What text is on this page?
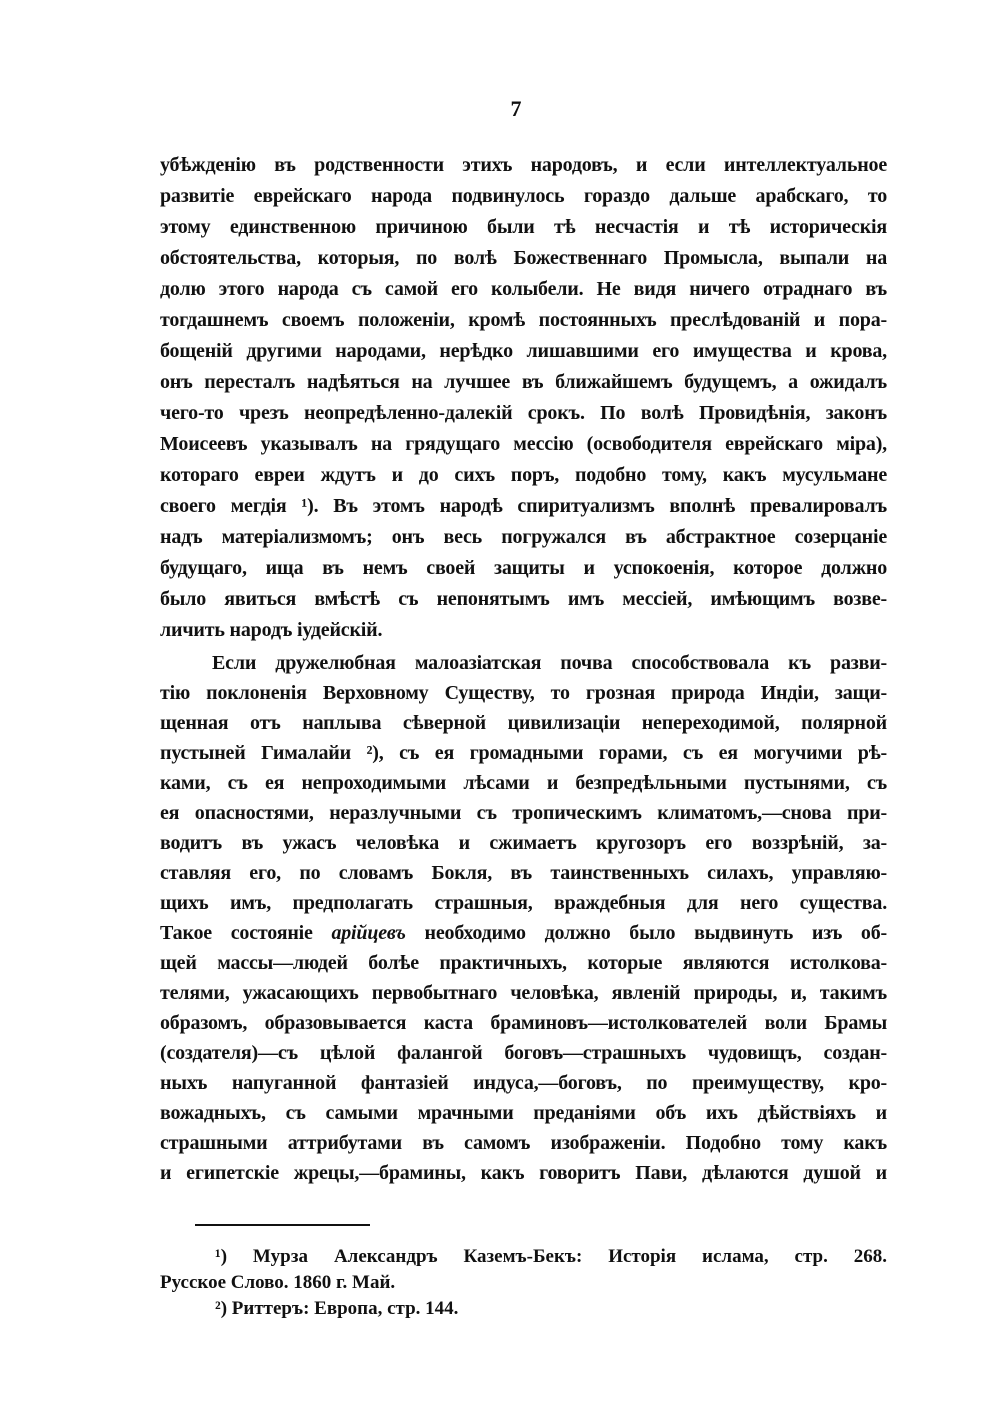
7
убѣжденiю въ родственности этихъ народовъ, и если интеллектуальное
развитiе еврейскаго народа подвинулось гораздо дальше арабскаго, то
этому единственною причиною были тѣ несчастiя и тѣ историческiя
обстоятельства, которыя, по волѣ Божественнаго Промысла, выпали на
долю этого народа съ самой его колыбели. Не видя ничего отраднаго въ
тогдашнемъ своемъ положенiи, кромѣ постоянныхъ преслѣдованiй и пора-
бощенiй другими народами, нерѣдко лишавшими его имущества и крова,
онъ пересталъ надѣяться на лучшее въ ближайшемъ будущемъ, а ожидалъ
чего-то чрезъ неопредѣленно-далекiй срокъ. По волѣ Провидѣнiя, законъ
Моисеевъ указывалъ на грядущаго мессiю (освободителя еврейскаго мiра),
котораго евреи ждутъ и до сихъ поръ, подобно тому, какъ мусульмане
своего мегдiя ¹). Въ этомъ народѣ спиритуализмъ вполнѣ превалировалъ
надъ матерiализмомъ; онъ весь погружался въ абстрактное созерцанiе
будущаго, ища въ немъ своей защиты и успокоенiя, которое должно
было явиться вмѣстѣ съ непонятымъ имъ мессiей, имѣющимъ возве-
личить народъ iудейскiй.
Если дружелюбная малоазiатская почва способствовала къ разви-
тiю поклоненiя Верховному Существу, то грозная природа Индiи, защи-
щенная отъ наплыва сѣверной цивилизацiи непереходимой, полярной
пустыней Гималайи ²), съ ея громадными горами, съ ея могучими рѣ-
ками, съ ея непроходимыми лѣсами и безпредѣльными пустынями, съ
ея опасностями, неразлучными съ тропическимъ климатомъ,—снова при-
водитъ въ ужасъ человѣка и сжимаетъ кругозоръ его воззрѣнiй, за-
ставляя его, по словамъ Бокля, въ таинственныхъ силахъ, управляю-
щихъ имъ, предполагать страшныя, враждебныя для него существа.
Такое состоянiе арiйцевъ необходимо должно было выдвинуть изъ об-
щей массы—людей болѣе практичныхъ, которые являются истолкова-
телями, ужасающихъ первобытнаго человѣка, явленiй природы, и, такимъ
образомъ, образовывается каста браминовъ—истолкователей воли Брамы
(создателя)—съ цѣлой фалангой боговъ—страшныхъ чудовищъ, создан-
ныхъ напуганной фантазiей индуса,—боговъ, по преимуществу, кро-
вожадныхъ, съ самыми мрачными преданiями объ ихъ дѣйствiяхъ и
страшными аттрибутами въ самомъ изображенiи. Подобно тому какъ
и египетскiе жрецы,—брамины, какъ говоритъ Пави, дѣлаются душой и
¹) Мурза Александръ Каземъ-Бекъ: Исторiя ислама, стр. 268.
Русское Слово. 1860 г. Май.
²) Риттеръ: Европа, стр. 144.
